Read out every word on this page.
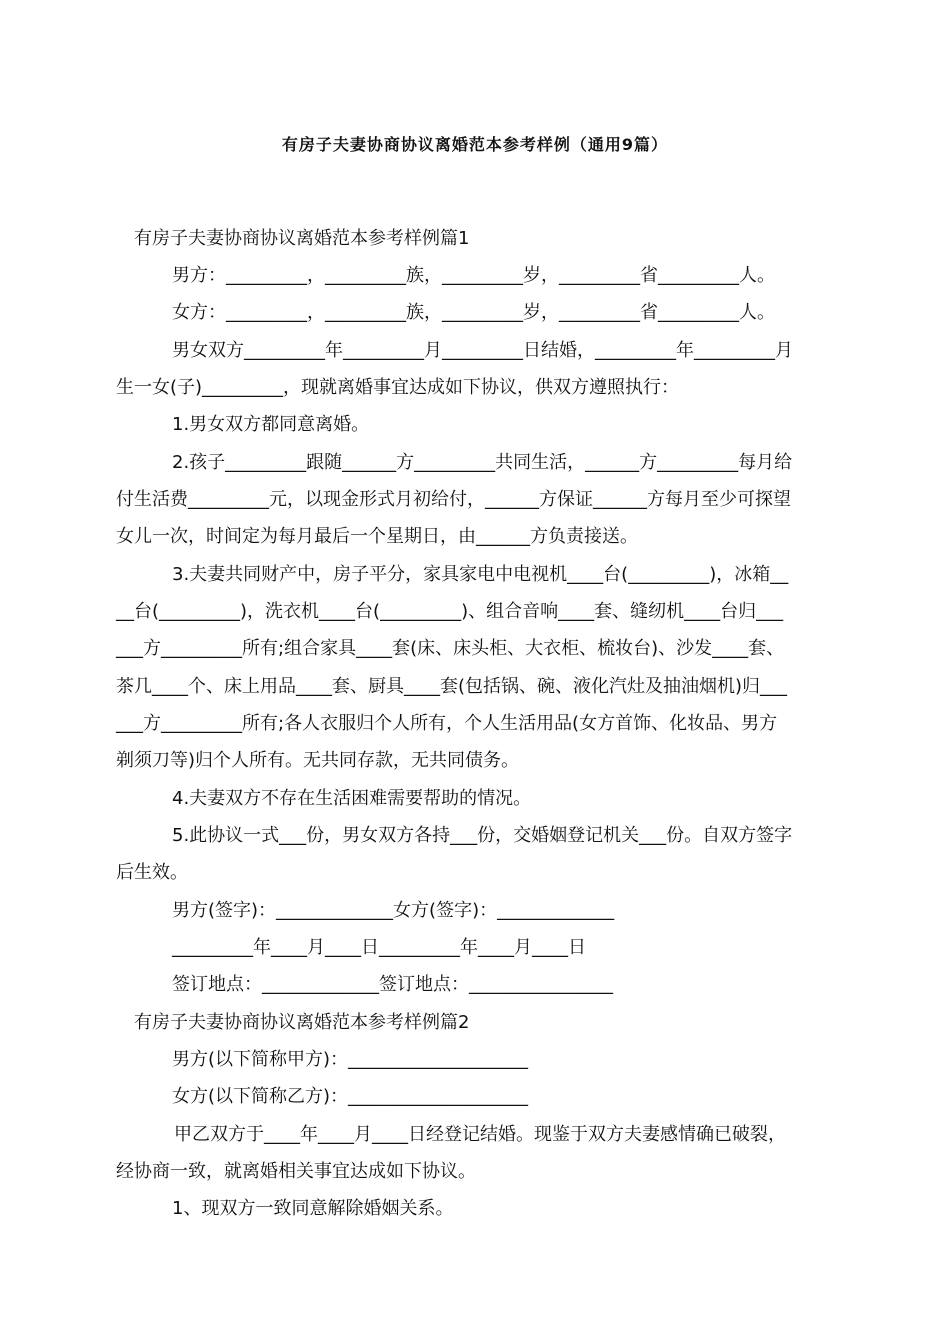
有房子夫妻协商协议离婚范本参考样例（通用9篇）
有房子夫妻协商协议离婚范本参考样例篇1
男方：_________，_________族，_________岁，_________省_________人。
女方：_________，_________族，_________岁，_________省_________人。
男女双方_________年_________月_________日结婚，_________年_________月
生一女(子)_________，现就离婚事宜达成如下协议，供双方遵照执行：
1.男女双方都同意离婚。
2.孩子_________跟随______方_________共同生活，______方_________每月给
付生活费_________元，以现金形式月初给付，______方保证______方每月至少可探望
女儿一次，时间定为每月最后一个星期日，由______方负责接送。
3.夫妻共同财产中，房子平分，家具家电中电视机____台(_________)，冰箱__
__台(_________)，洗衣机____台(_________)、组合音响____套、缝纫机____台归___
___方_________所有;组合家具____套(床、床头柜、大衣柜、梳妆台)、沙发____套、
茶几____个、床上用品____套、厨具____套(包括锅、碗、液化汽灶及抽油烟机)归___
___方_________所有;各人衣服归个人所有，个人生活用品(女方首饰、化妆品、男方
剃须刀等)归个人所有。无共同存款，无共同债务。
4.夫妻双方不存在生活困难需要帮助的情况。
5.此协议一式___份，男女双方各持___份，交婚姻登记机关___份。自双方签字
后生效。
男方(签字)：_____________女方(签字)：_____________
_________年____月____日_________年____月____日
签订地点：_____________签订地点：________________
有房子夫妻协商协议离婚范本参考样例篇2
男方(以下简称甲方)：____________________
女方(以下简称乙方)：____________________
甲乙双方于____年____月____日经登记结婚。现鉴于双方夫妻感情确已破裂，
经协商一致，就离婚相关事宜达成如下协议。
1、现双方一致同意解除婚姻关系。
